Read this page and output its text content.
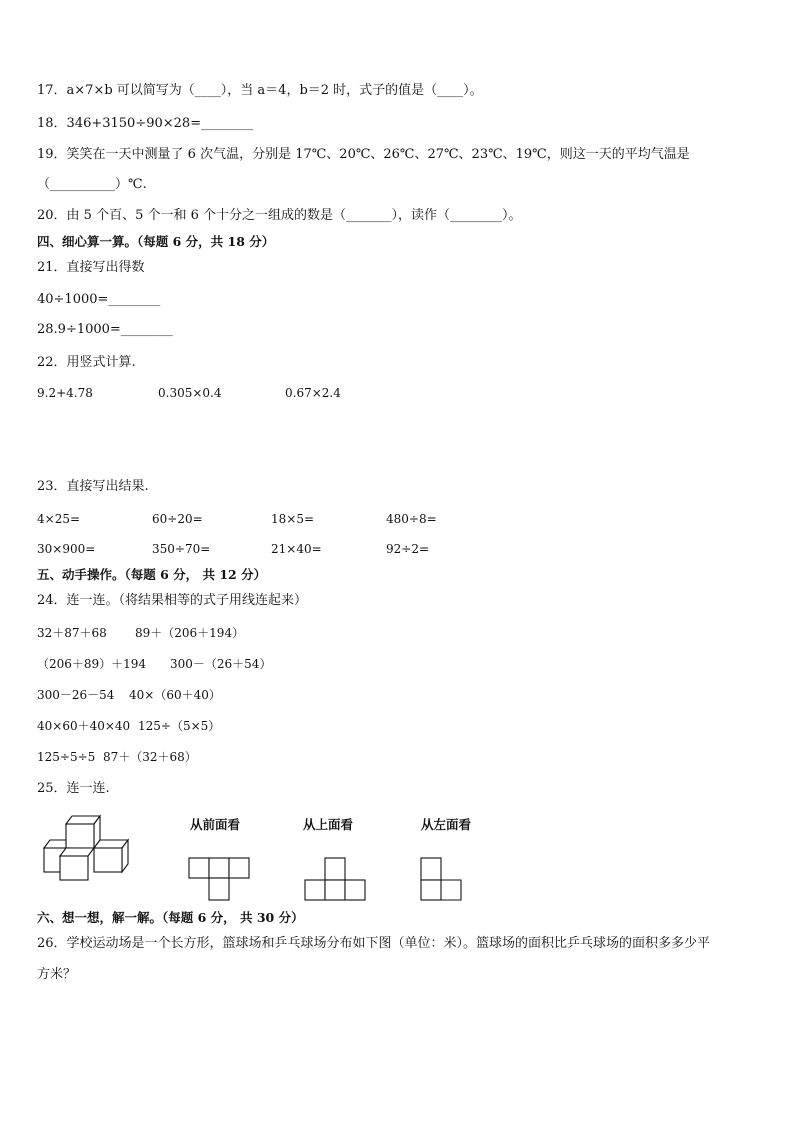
17．a×7×b 可以简写为（____），当 a＝4，b＝2 时，式子的值是（____）。
18．346+3150÷90×28=________
19．笑笑在一天中测量了 6 次气温，分别是 17℃、20℃、26℃、27℃、23℃、19℃，则这一天的平均气温是
（__________）℃.
20．由 5 个百、5 个一和 6 个十分之一组成的数是（_______），读作（________）。
四、细心算一算。（每题 6 分，共 18 分）
21．直接写出得数
40÷1000=________
28.9÷1000=________
22．用竖式计算.
9.2+4.78	0.305×0.4	0.67×2.4
23．直接写出结果.
4×25=	60÷20=	18×5=	480÷8=
30×900=	350÷70=	21×40=	92÷2=
五、动手操作。（每题 6 分， 共 12 分）
24．连一连。（将结果相等的式子用线连起来）
32＋87＋68 89＋（206＋194）
（206＋89）＋194 300－（26＋54）
300－26－54 40×（60＋40）
40×60＋40×40 125÷（5×5）
125÷5÷5 87＋（32＋68）
25．连一连.
从前面看	从上面看	从左面看
六、想一想，解一解。（每题 6 分， 共 30 分）
26．学校运动场是一个长方形，篮球场和乒乓球场分布如下图（单位：米）。篮球场的面积比乒乓球场的面积多多少平
方米？
